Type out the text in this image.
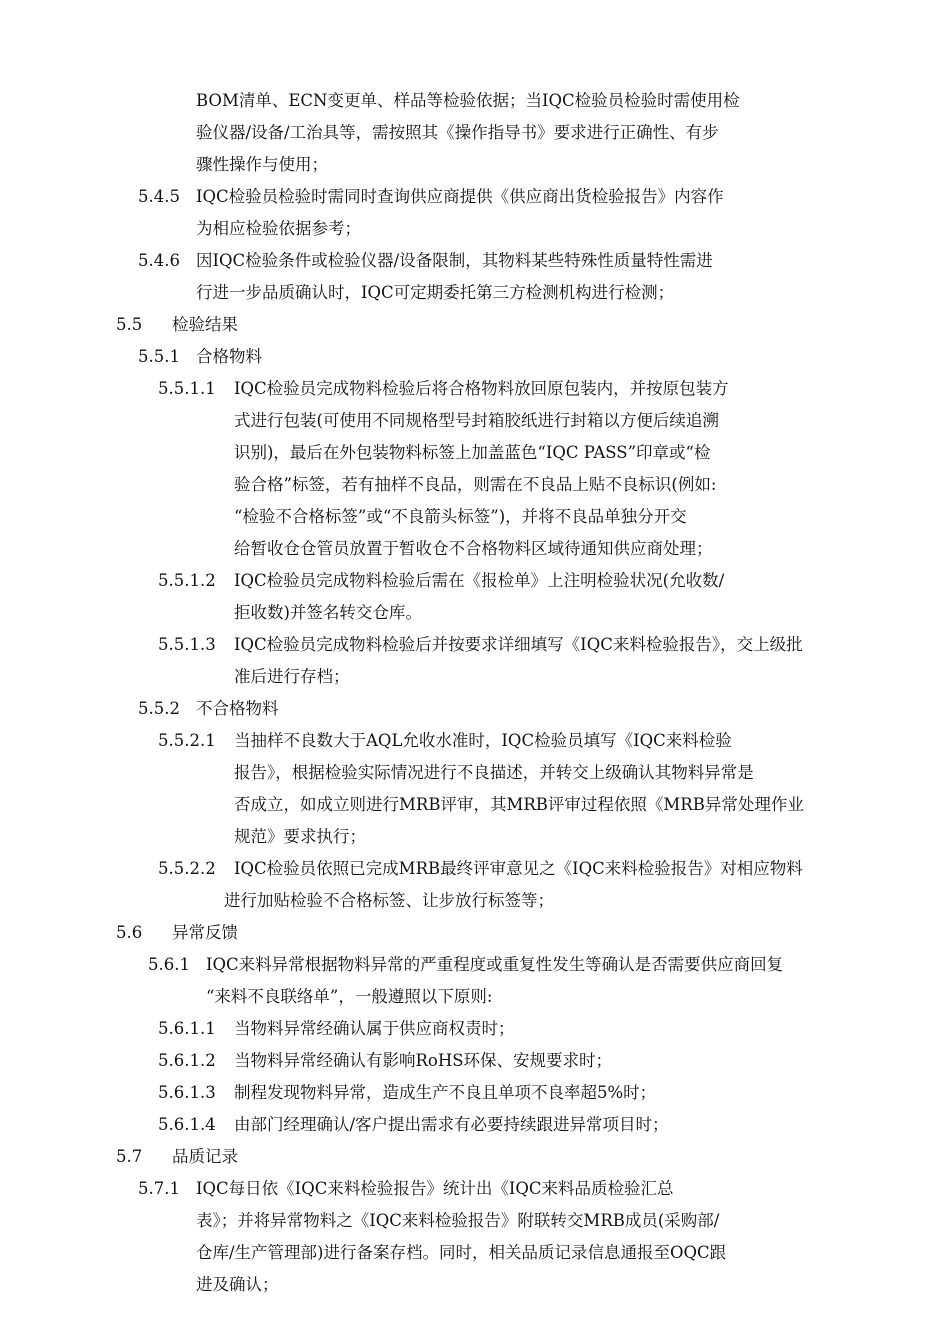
BOM清单、ECN变更单、样品等检验依据；当IQC检验员检验时需使用检

验仪器/设备/工治具等，需按照其《操作指导书》要求进行正确性、有步

骤性操作与使用；

5.4.5 IQC检验员检验时需同时查询供应商提供《供应商出货检验报告》内容作

为相应检验依据参考；

5.4.6 因IQC检验条件或检验仪器/设备限制，其物料某些特殊性质量特性需进

行进一步品质确认时，IQC可定期委托第三方检测机构进行检测；

5.5 检验结果

5.5.1 合格物料

5.5.1.1 IQC检验员完成物料检验后将合格物料放回原包装内，并按原包装方

式进行包装(可使用不同规格型号封箱胶纸进行封箱以方便后续追溯

识别)，最后在外包装物料标签上加盖蓝色“IQC PASS”印章或“检

验合格”标签，若有抽样不良品，则需在不良品上贴不良标识(例如:

“检验不合格标签”或“不良箭头标签”)，并将不良品单独分开交

给暂收仓仓管员放置于暂收仓不合格物料区域待通知供应商处理；

5.5.1.2 IQC检验员完成物料检验后需在《报检单》上注明检验状况(允收数/

拒收数)并签名转交仓库。

5.5.1.3 IQC检验员完成物料检验后并按要求详细填写《IQC来料检验报告》，交上级批

准后进行存档；

5.5.2 不合格物料

5.5.2.1 当抽样不良数大于AQL允收水准时，IQC检验员填写《IQC来料检验

报告》，根据检验实际情况进行不良描述，并转交上级确认其物料异常是

否成立，如成立则进行MRB评审，其MRB评审过程依照《MRB异常处理作业

规范》要求执行；

5.5.2.2 IQC检验员依照已完成MRB最终评审意见之《IQC来料检验报告》对相应物料

进行加贴检验不合格标签、让步放行标签等；

5.6 异常反馈

5.6.1 IQC来料异常根据物料异常的严重程度或重复性发生等确认是否需要供应商回复

“来料不良联络单”，一般遵照以下原则:

5.6.1.1 当物料异常经确认属于供应商权责时；

5.6.1.2 当物料异常经确认有影响RoHS环保、安规要求时；

5.6.1.3 制程发现物料异常，造成生产不良且单项不良率超5%时；

5.6.1.4 由部门经理确认/客户提出需求有必要持续跟进异常项目时；

5.7 品质记录

5.7.1 IQC每日依《IQC来料检验报告》统计出《IQC来料品质检验汇总

表》；并将异常物料之《IQC来料检验报告》附联转交MRB成员(采购部/

仓库/生产管理部)进行备案存档。同时，相关品质记录信息通报至OQC跟

进及确认；
